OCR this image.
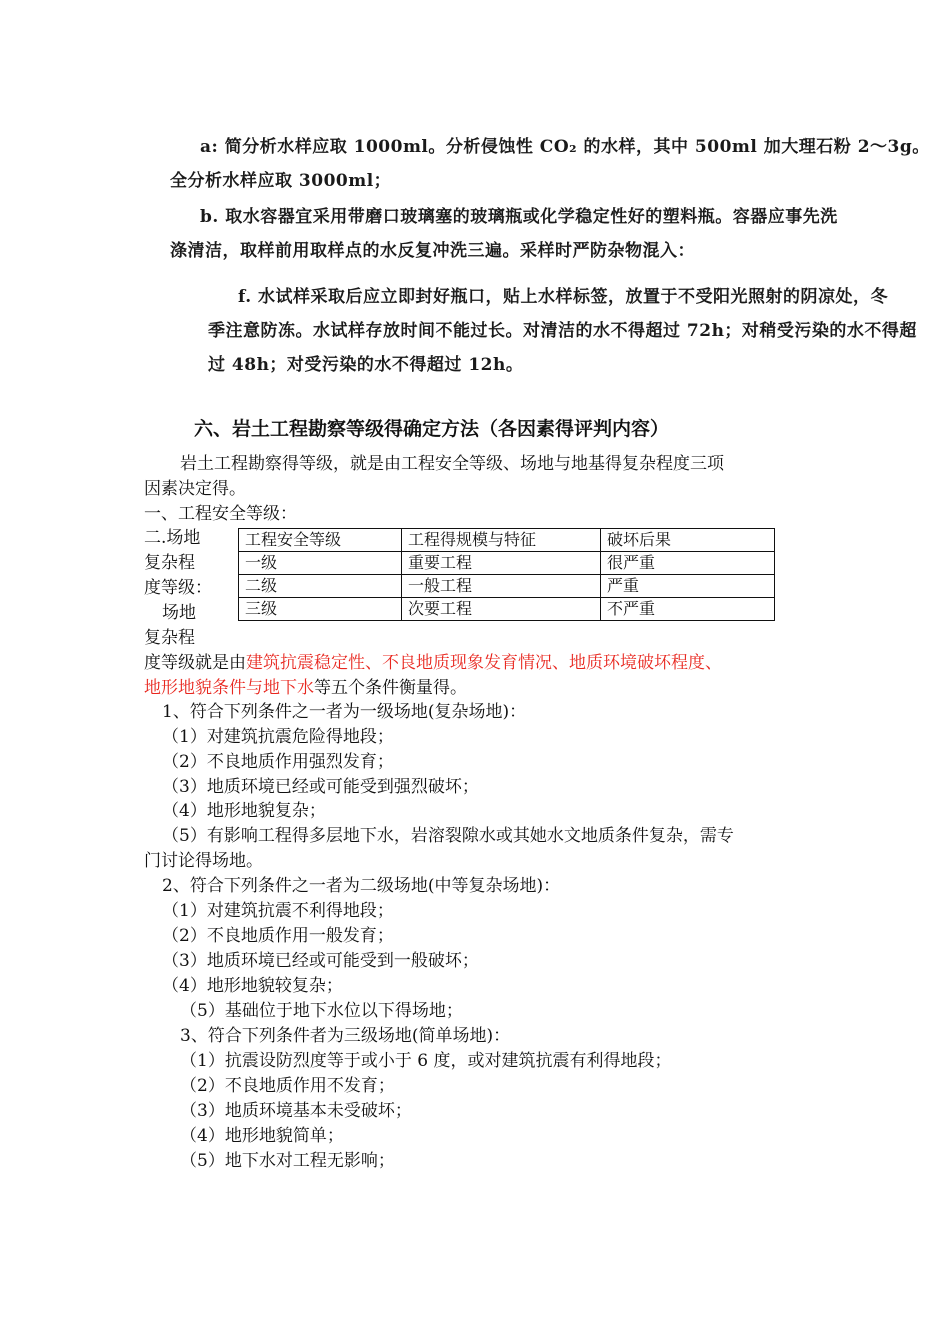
a: 简分析水样应取 1000ml。分析侵蚀性 CO₂ 的水样，其中 500ml 加大理石粉 2～3g。
全分析水样应取 3000ml；
b. 取水容器宜采用带磨口玻璃塞的玻璃瓶或化学稳定性好的塑料瓶。容器应事先洗
涤清洁，取样前用取样点的水反复冲洗三遍。采样时严防杂物混入：
f. 水试样采取后应立即封好瓶口，贴上水样标签，放置于不受阳光照射的阴凉处，冬
季注意防冻。水试样存放时间不能过长。对清洁的水不得超过 72h；对稍受污染的水不得超
过 48h；对受污染的水不得超过 12h。
六、岩土工程勘察等级得确定方法（各因素得评判内容）
岩土工程勘察得等级，就是由工程安全等级、场地与地基得复杂程度三项
因素决定得。
一、工程安全等级：
二.场地
复杂程
度等级：
场地
复杂程
工程安全等级	工程得规模与特征	破坏后果
一级	重要工程	很严重
二级	一般工程	严重
三级	次要工程	不严重
度等级就是由建筑抗震稳定性、不良地质现象发育情况、地质环境破坏程度、
地形地貌条件与地下水等五个条件衡量得。
1、符合下列条件之一者为一级场地(复杂场地)：
（1）对建筑抗震危险得地段；
（2）不良地质作用强烈发育；
（3）地质环境已经或可能受到强烈破坏；
（4）地形地貌复杂；
（5）有影响工程得多层地下水，岩溶裂隙水或其她水文地质条件复杂，需专
门讨论得场地。
2、符合下列条件之一者为二级场地(中等复杂场地)：
（1）对建筑抗震不利得地段；
（2）不良地质作用一般发育；
（3）地质环境已经或可能受到一般破坏；
（4）地形地貌较复杂；
（5）基础位于地下水位以下得场地；
3、符合下列条件者为三级场地(简单场地)：
（1）抗震设防烈度等于或小于 6 度，或对建筑抗震有利得地段；
（2）不良地质作用不发育；
（3）地质环境基本未受破坏；
（4）地形地貌简单；
（5）地下水对工程无影响；
